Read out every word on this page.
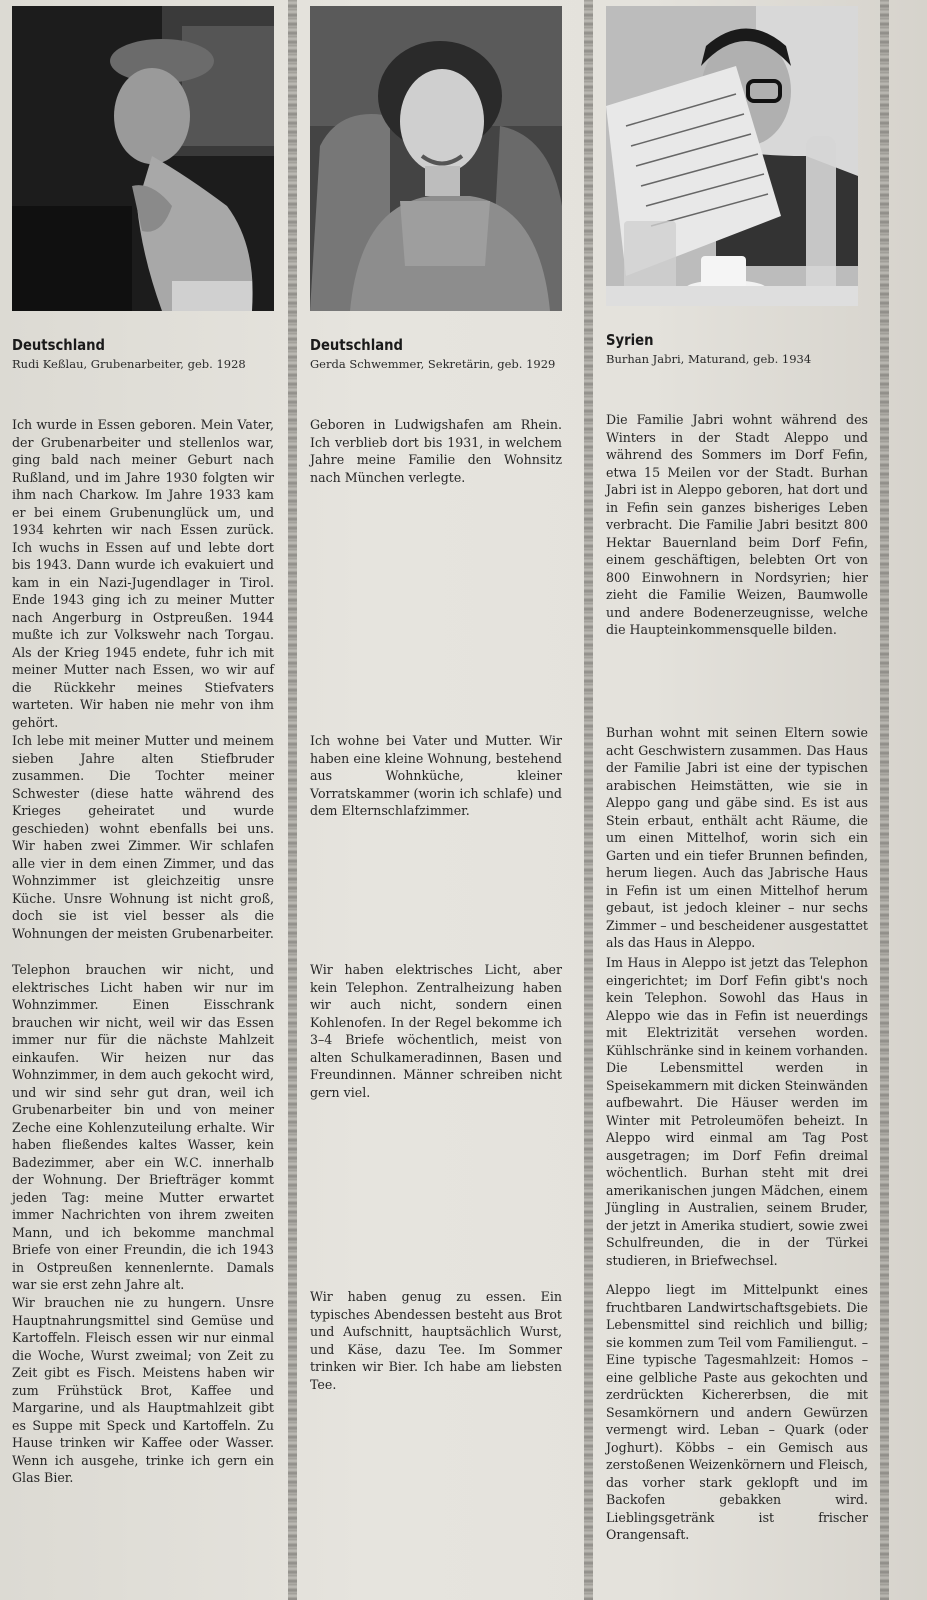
Deutschland
Rudi Keßlau, Grubenarbeiter, geb. 1928

Ich wurde in Essen geboren. Mein Vater, der Grubenarbeiter und stellenlos war, ging bald nach meiner Geburt nach Rußland, und im Jahre 1930 folgten wir ihm nach Charkow. Im Jahre 1933 kam er bei einem Grubenunglück um, und 1934 kehrten wir nach Essen zurück. Ich wuchs in Essen auf und lebte dort bis 1943. Dann wurde ich evakuiert und kam in ein Nazi-Jugendlager in Tirol. Ende 1943 ging ich zu meiner Mutter nach Angerburg in Ostpreußen. 1944 mußte ich zur Volkswehr nach Torgau. Als der Krieg 1945 endete, fuhr ich mit meiner Mutter nach Essen, wo wir auf die Rückkehr meines Stiefvaters warteten. Wir haben nie mehr von ihm gehört.

Ich lebe mit meiner Mutter und meinem sieben Jahre alten Stiefbruder zusammen. Die Tochter meiner Schwester (diese hatte während des Krieges geheiratet und wurde geschieden) wohnt ebenfalls bei uns. Wir haben zwei Zimmer. Wir schlafen alle vier in dem einen Zimmer, und das Wohnzimmer ist gleichzeitig unsre Küche. Unsre Wohnung ist nicht groß, doch sie ist viel besser als die Wohnungen der meisten Grubenarbeiter.

Telephon brauchen wir nicht, und elektrisches Licht haben wir nur im Wohnzimmer. Einen Eisschrank brauchen wir nicht, weil wir das Essen immer nur für die nächste Mahlzeit einkaufen. Wir heizen nur das Wohnzimmer, in dem auch gekocht wird, und wir sind sehr gut dran, weil ich Grubenarbeiter bin und von meiner Zeche eine Kohlenzuteilung erhalte. Wir haben fließendes kaltes Wasser, kein Badezimmer, aber ein W.C. innerhalb der Wohnung. Der Briefträger kommt jeden Tag: meine Mutter erwartet immer Nachrichten von ihrem zweiten Mann, und ich bekomme manchmal Briefe von einer Freundin, die ich 1943 in Ostpreußen kennenlernte. Damals war sie erst zehn Jahre alt.

Wir brauchen nie zu hungern. Unsre Hauptnahrungsmittel sind Gemüse und Kartoffeln. Fleisch essen wir nur einmal die Woche, Wurst zweimal; von Zeit zu Zeit gibt es Fisch. Meistens haben wir zum Frühstück Brot, Kaffee und Margarine, und als Hauptmahlzeit gibt es Suppe mit Speck und Kartoffeln. Zu Hause trinken wir Kaffee oder Wasser. Wenn ich ausgehe, trinke ich gern ein Glas Bier.

Deutschland
Gerda Schwemmer, Sekretärin, geb. 1929

Geboren in Ludwigshafen am Rhein. Ich verblieb dort bis 1931, in welchem Jahre meine Familie den Wohnsitz nach München verlegte.

Ich wohne bei Vater und Mutter. Wir haben eine kleine Wohnung, bestehend aus Wohnküche, kleiner Vorratskammer (worin ich schlafe) und dem Elternschlafzimmer.

Wir haben elektrisches Licht, aber kein Telephon. Zentralheizung haben wir auch nicht, sondern einen Kohlenofen. In der Regel bekomme ich 3–4 Briefe wöchentlich, meist von alten Schulkameradinnen, Basen und Freundinnen. Männer schreiben nicht gern viel.

Wir haben genug zu essen. Ein typisches Abendessen besteht aus Brot und Aufschnitt, hauptsächlich Wurst, und Käse, dazu Tee. Im Sommer trinken wir Bier. Ich habe am liebsten Tee.

Syrien
Burhan Jabri, Maturand, geb. 1934

Die Familie Jabri wohnt während des Winters in der Stadt Aleppo und während des Sommers im Dorf Fefin, etwa 15 Meilen vor der Stadt. Burhan Jabri ist in Aleppo geboren, hat dort und in Fefin sein ganzes bisheriges Leben verbracht. Die Familie Jabri besitzt 800 Hektar Bauernland beim Dorf Fefin, einem geschäftigen, belebten Ort von 800 Einwohnern in Nordsyrien; hier zieht die Familie Weizen, Baumwolle und andere Bodenerzeugnisse, welche die Haupteinkommensquelle bilden.

Burhan wohnt mit seinen Eltern sowie acht Geschwistern zusammen. Das Haus der Familie Jabri ist eine der typischen arabischen Heimstätten, wie sie in Aleppo gang und gäbe sind. Es ist aus Stein erbaut, enthält acht Räume, die um einen Mittelhof, worin sich ein Garten und ein tiefer Brunnen befinden, herum liegen. Auch das Jabrische Haus in Fefin ist um einen Mittelhof herum gebaut, ist jedoch kleiner – nur sechs Zimmer – und bescheidener ausgestattet als das Haus in Aleppo.

Im Haus in Aleppo ist jetzt das Telephon eingerichtet; im Dorf Fefin gibt's noch kein Telephon. Sowohl das Haus in Aleppo wie das in Fefin ist neuerdings mit Elektrizität versehen worden. Kühlschränke sind in keinem vorhanden. Die Lebensmittel werden in Speisekammern mit dicken Steinwänden aufbewahrt. Die Häuser werden im Winter mit Petroleumöfen beheizt. In Aleppo wird einmal am Tag Post ausgetragen; im Dorf Fefin dreimal wöchentlich. Burhan steht mit drei amerikanischen jungen Mädchen, einem Jüngling in Australien, seinem Bruder, der jetzt in Amerika studiert, sowie zwei Schulfreunden, die in der Türkei studieren, in Briefwechsel.

Aleppo liegt im Mittelpunkt eines fruchtbaren Landwirtschaftsgebiets. Die Lebensmittel sind reichlich und billig; sie kommen zum Teil vom Familiengut. – Eine typische Tagesmahlzeit: Homos – eine gelbliche Paste aus gekochten und zerdrückten Kichererbsen, die mit Sesamkörnern und andern Gewürzen vermengt wird. Leban – Quark (oder Joghurt). Köbbs – ein Gemisch aus zerstoßenen Weizenkörnern und Fleisch, das vorher stark geklopft und im Backofen gebakken wird. Lieblingsgetränk ist frischer Orangensaft.
